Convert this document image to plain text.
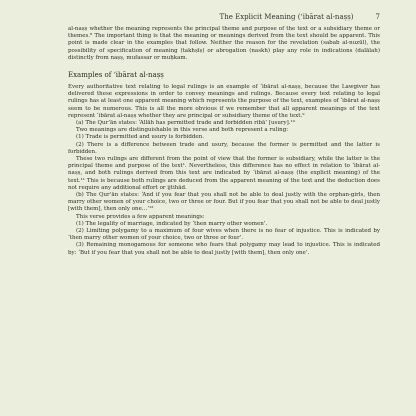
The Explicit Meaning (‘ibārat al-naṣṣ)	7

al-naṣṣ whether the meaning represents the principal theme and purpose of the text or a subsidiary theme or themes.⁸ The important thing is that the meaning or meanings derived from the text should be apparent. This point is made clear in the examples that follow. Neither the reason for the revelation (sabab al-nuzūl), the possibility of specification of meaning (takhṣīṣ) or abrogation (naskh) play any role in indications (dalālah) distinctly from naṣṣ, mufassar or muḥkam.

Examples of ‘ibārat al-naṣṣ

Every authoritative text relating to legal rulings is an example of ‘ibārat al-naṣṣ, because the Lawgiver has delivered these expressions in order to convey meanings and rulings. Because every text relating to legal rulings has at least one apparent meaning which represents the purpose of the text, examples of ‘ibārat al-naṣṣ seem to be numerous. This is all the more obvious if we remember that all apparent meanings of the text represent ‘ibārat al-naṣṣ whether they are principal or subsidiary theme of the text.⁹

(a) The Qur’ān states: ‘Allāh has permitted trade and forbidden ribā’ [usury].¹⁰

Two meanings are distinguishable in this verse and both represent a ruling:

(1) Trade is permitted and usury is forbidden.

(2) There is a difference between trade and usury, because the former is permitted and the latter is forbidden.

These two rulings are different from the point of view that the former is subsidiary, while the latter is the principal theme and purpose of the text¹. Nevertheless, this difference has no effect in relation to ‘ibārat al-naṣṣ, and both rulings derived from this text are indicated by ‘ibārat al-naṣṣ (the explicit meaning) of the text.¹¹ This is because both rulings are deduced from the apparent meaning of the text and the deduction does not require any additional effort or ijtihād.

(b) The Qur’ān states: ‘And if you fear that you shall not be able to deal justly with the orphan-girls, then marry other women of your choice, two or three or four. But if you fear that you shall not be able to deal justly [with them], then only one…’¹²

This verse provides a few apparent meanings:

(1) The legality of marriage, indicated by ‘then marry other women’.

(2) Limiting polygamy to a maximum of four wives when there is no fear of injustice. This is indicated by ‘then marry other women of your choice, two or three or four’.

(3) Remaining monogamous for someone who fears that polygamy may lead to injustice. This is indicated by: ‘But if you fear that you shall not be able to deal justly [with them], then only one’.
